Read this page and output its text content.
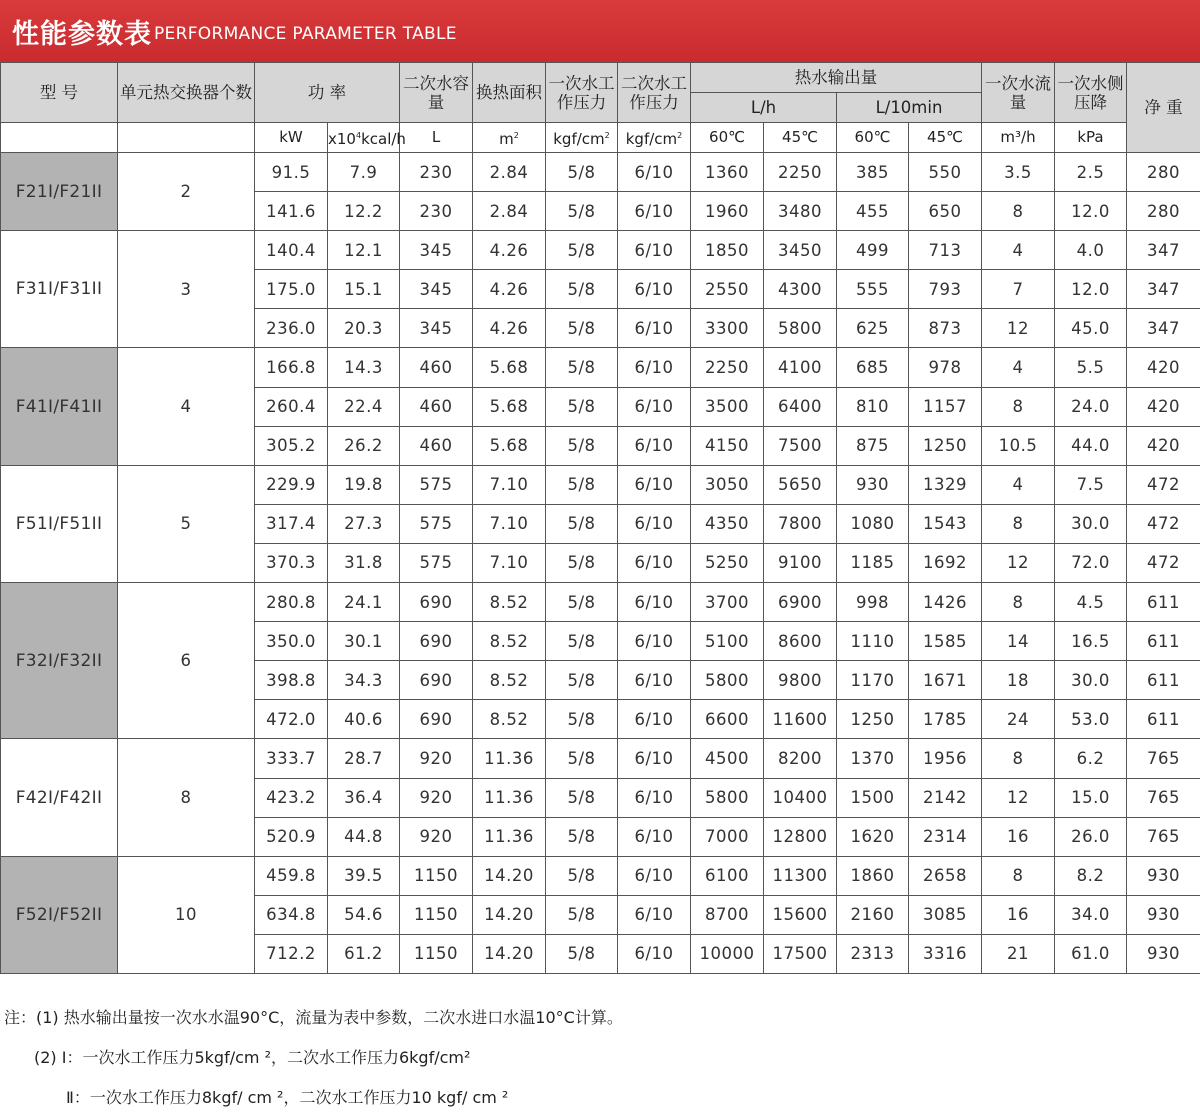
性能参数表 PERFORMANCE PARAMETER TABLE
型 号	单元热交换器个数	功 率		二次水容量	换热面积	一次水工作压力	二次水工作压力	热水输出量				一次水流量	一次水侧压降	净 重
								L/h		L/10min				
		kW	$x10^4kcal/h$	L	$m^2$	kgf/$cm^2$	kgf/$cm^2$	60℃	45℃	60℃	45℃	m³/h	kPa	
F21I/F21II	2	91.5	7.9	230	2.84	5/8	6/10	1360	2250	385	550	3.5	2.5	280
		141.6	12.2	230	2.84	5/8	6/10	1960	3480	455	650	8	12.0	280
F31I/F31II	3	140.4	12.1	345	4.26	5/8	6/10	1850	3450	499	713	4	4.0	347
		175.0	15.1	345	4.26	5/8	6/10	2550	4300	555	793	7	12.0	347
		236.0	20.3	345	4.26	5/8	6/10	3300	5800	625	873	12	45.0	347
F41I/F41II	4	166.8	14.3	460	5.68	5/8	6/10	2250	4100	685	978	4	5.5	420
		260.4	22.4	460	5.68	5/8	6/10	3500	6400	810	1157	8	24.0	420
		305.2	26.2	460	5.68	5/8	6/10	4150	7500	875	1250	10.5	44.0	420
F51I/F51II	5	229.9	19.8	575	7.10	5/8	6/10	3050	5650	930	1329	4	7.5	472
		317.4	27.3	575	7.10	5/8	6/10	4350	7800	1080	1543	8	30.0	472
		370.3	31.8	575	7.10	5/8	6/10	5250	9100	1185	1692	12	72.0	472
F32I/F32II	6	280.8	24.1	690	8.52	5/8	6/10	3700	6900	998	1426	8	4.5	611
		350.0	30.1	690	8.52	5/8	6/10	5100	8600	1110	1585	14	16.5	611
		398.8	34.3	690	8.52	5/8	6/10	5800	9800	1170	1671	18	30.0	611
		472.0	40.6	690	8.52	5/8	6/10	6600	11600	1250	1785	24	53.0	611
F42I/F42II	8	333.7	28.7	920	11.36	5/8	6/10	4500	8200	1370	1956	8	6.2	765
		423.2	36.4	920	11.36	5/8	6/10	5800	10400	1500	2142	12	15.0	765
		520.9	44.8	920	11.36	5/8	6/10	7000	12800	1620	2314	16	26.0	765
F52I/F52II	10	459.8	39.5	1150	14.20	5/8	6/10	6100	11300	1860	2658	8	8.2	930
		634.8	54.6	1150	14.20	5/8	6/10	8700	15600	2160	3085	16	34.0	930
		712.2	61.2	1150	14.20	5/8	6/10	10000	17500	2313	3316	21	61.0	930
注：(1) 热水输出量按一次水水温90°C，流量为表中参数，二次水进口水温10°C计算。
(2) Ⅰ：一次水工作压力5kgf/cm ²，二次水工作压力6kgf/cm²
Ⅱ：一次水工作压力8kgf/ cm ²，二次水工作压力10 kgf/ cm ²
